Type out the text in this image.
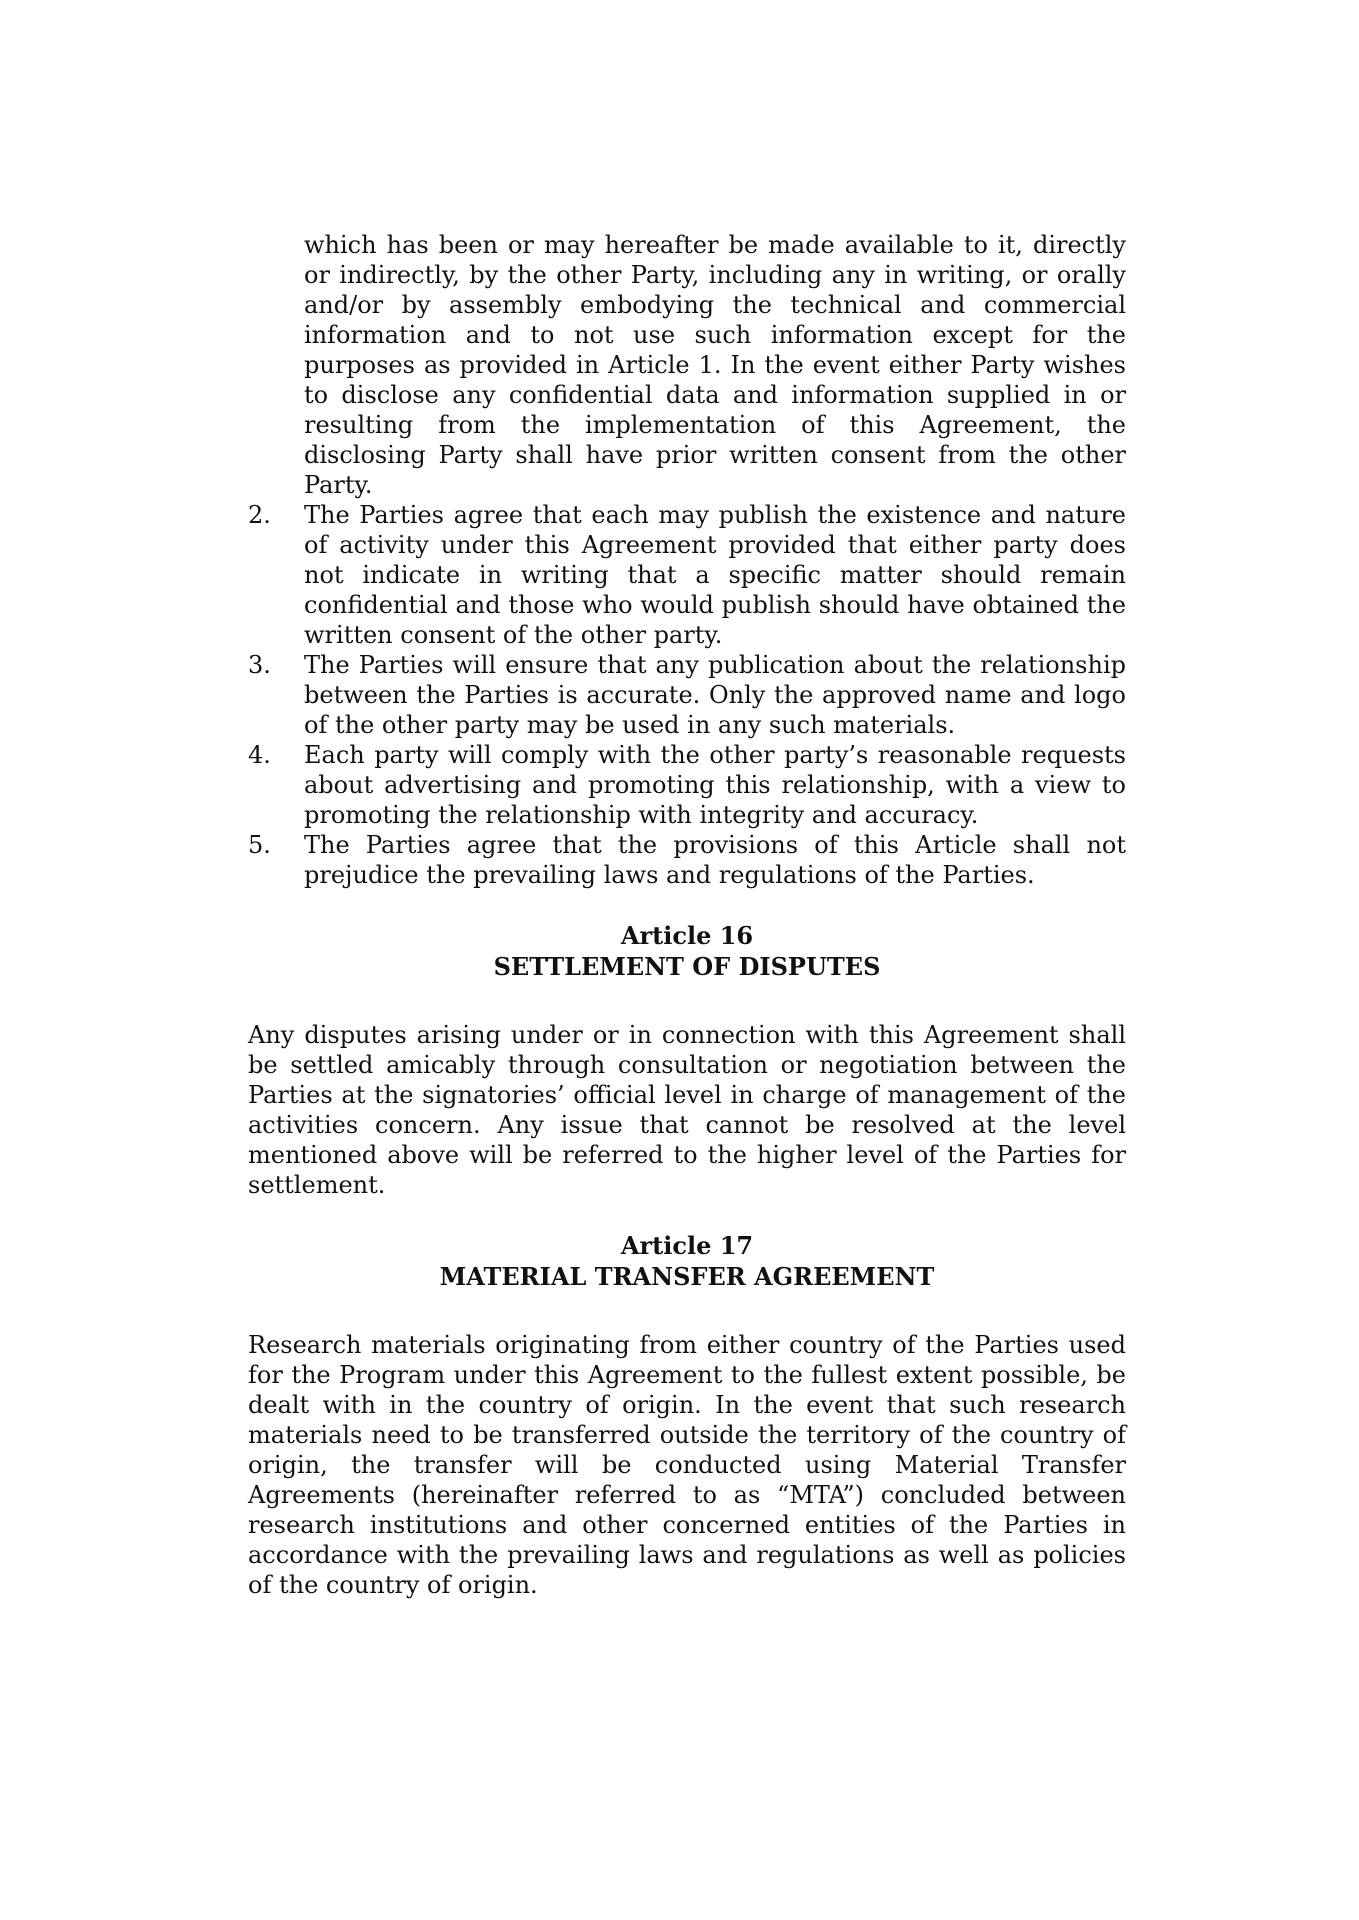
which has been or may hereafter be made available to it, directly or indirectly, by the other Party, including any in writing, or orally and/or by assembly embodying the technical and commercial information and to not use such information except for the purposes as provided in Article 1. In the event either Party wishes to disclose any confidential data and information supplied in or resulting from the implementation of this Agreement, the disclosing Party shall have prior written consent from the other Party.
2.	The Parties agree that each may publish the existence and nature of activity under this Agreement provided that either party does not indicate in writing that a specific matter should remain confidential and those who would publish should have obtained the written consent of the other party.
3.	The Parties will ensure that any publication about the relationship between the Parties is accurate. Only the approved name and logo of the other party may be used in any such materials.
4.	Each party will comply with the other party’s reasonable requests about advertising and promoting this relationship, with a view to promoting the relationship with integrity and accuracy.
5.	The Parties agree that the provisions of this Article shall not prejudice the prevailing laws and regulations of the Parties.
Article 16
SETTLEMENT OF DISPUTES
Any disputes arising under or in connection with this Agreement shall be settled amicably through consultation or negotiation between the Parties at the signatories’ official level in charge of management of the activities concern. Any issue that cannot be resolved at the level mentioned above will be referred to the higher level of the Parties for settlement.
Article 17
MATERIAL TRANSFER AGREEMENT
Research materials originating from either country of the Parties used for the Program under this Agreement to the fullest extent possible, be dealt with in the country of origin. In the event that such research materials need to be transferred outside the territory of the country of origin, the transfer will be conducted using Material Transfer Agreements (hereinafter referred to as “MTA”) concluded between research institutions and other concerned entities of the Parties in accordance with the prevailing laws and regulations as well as policies of the country of origin.
